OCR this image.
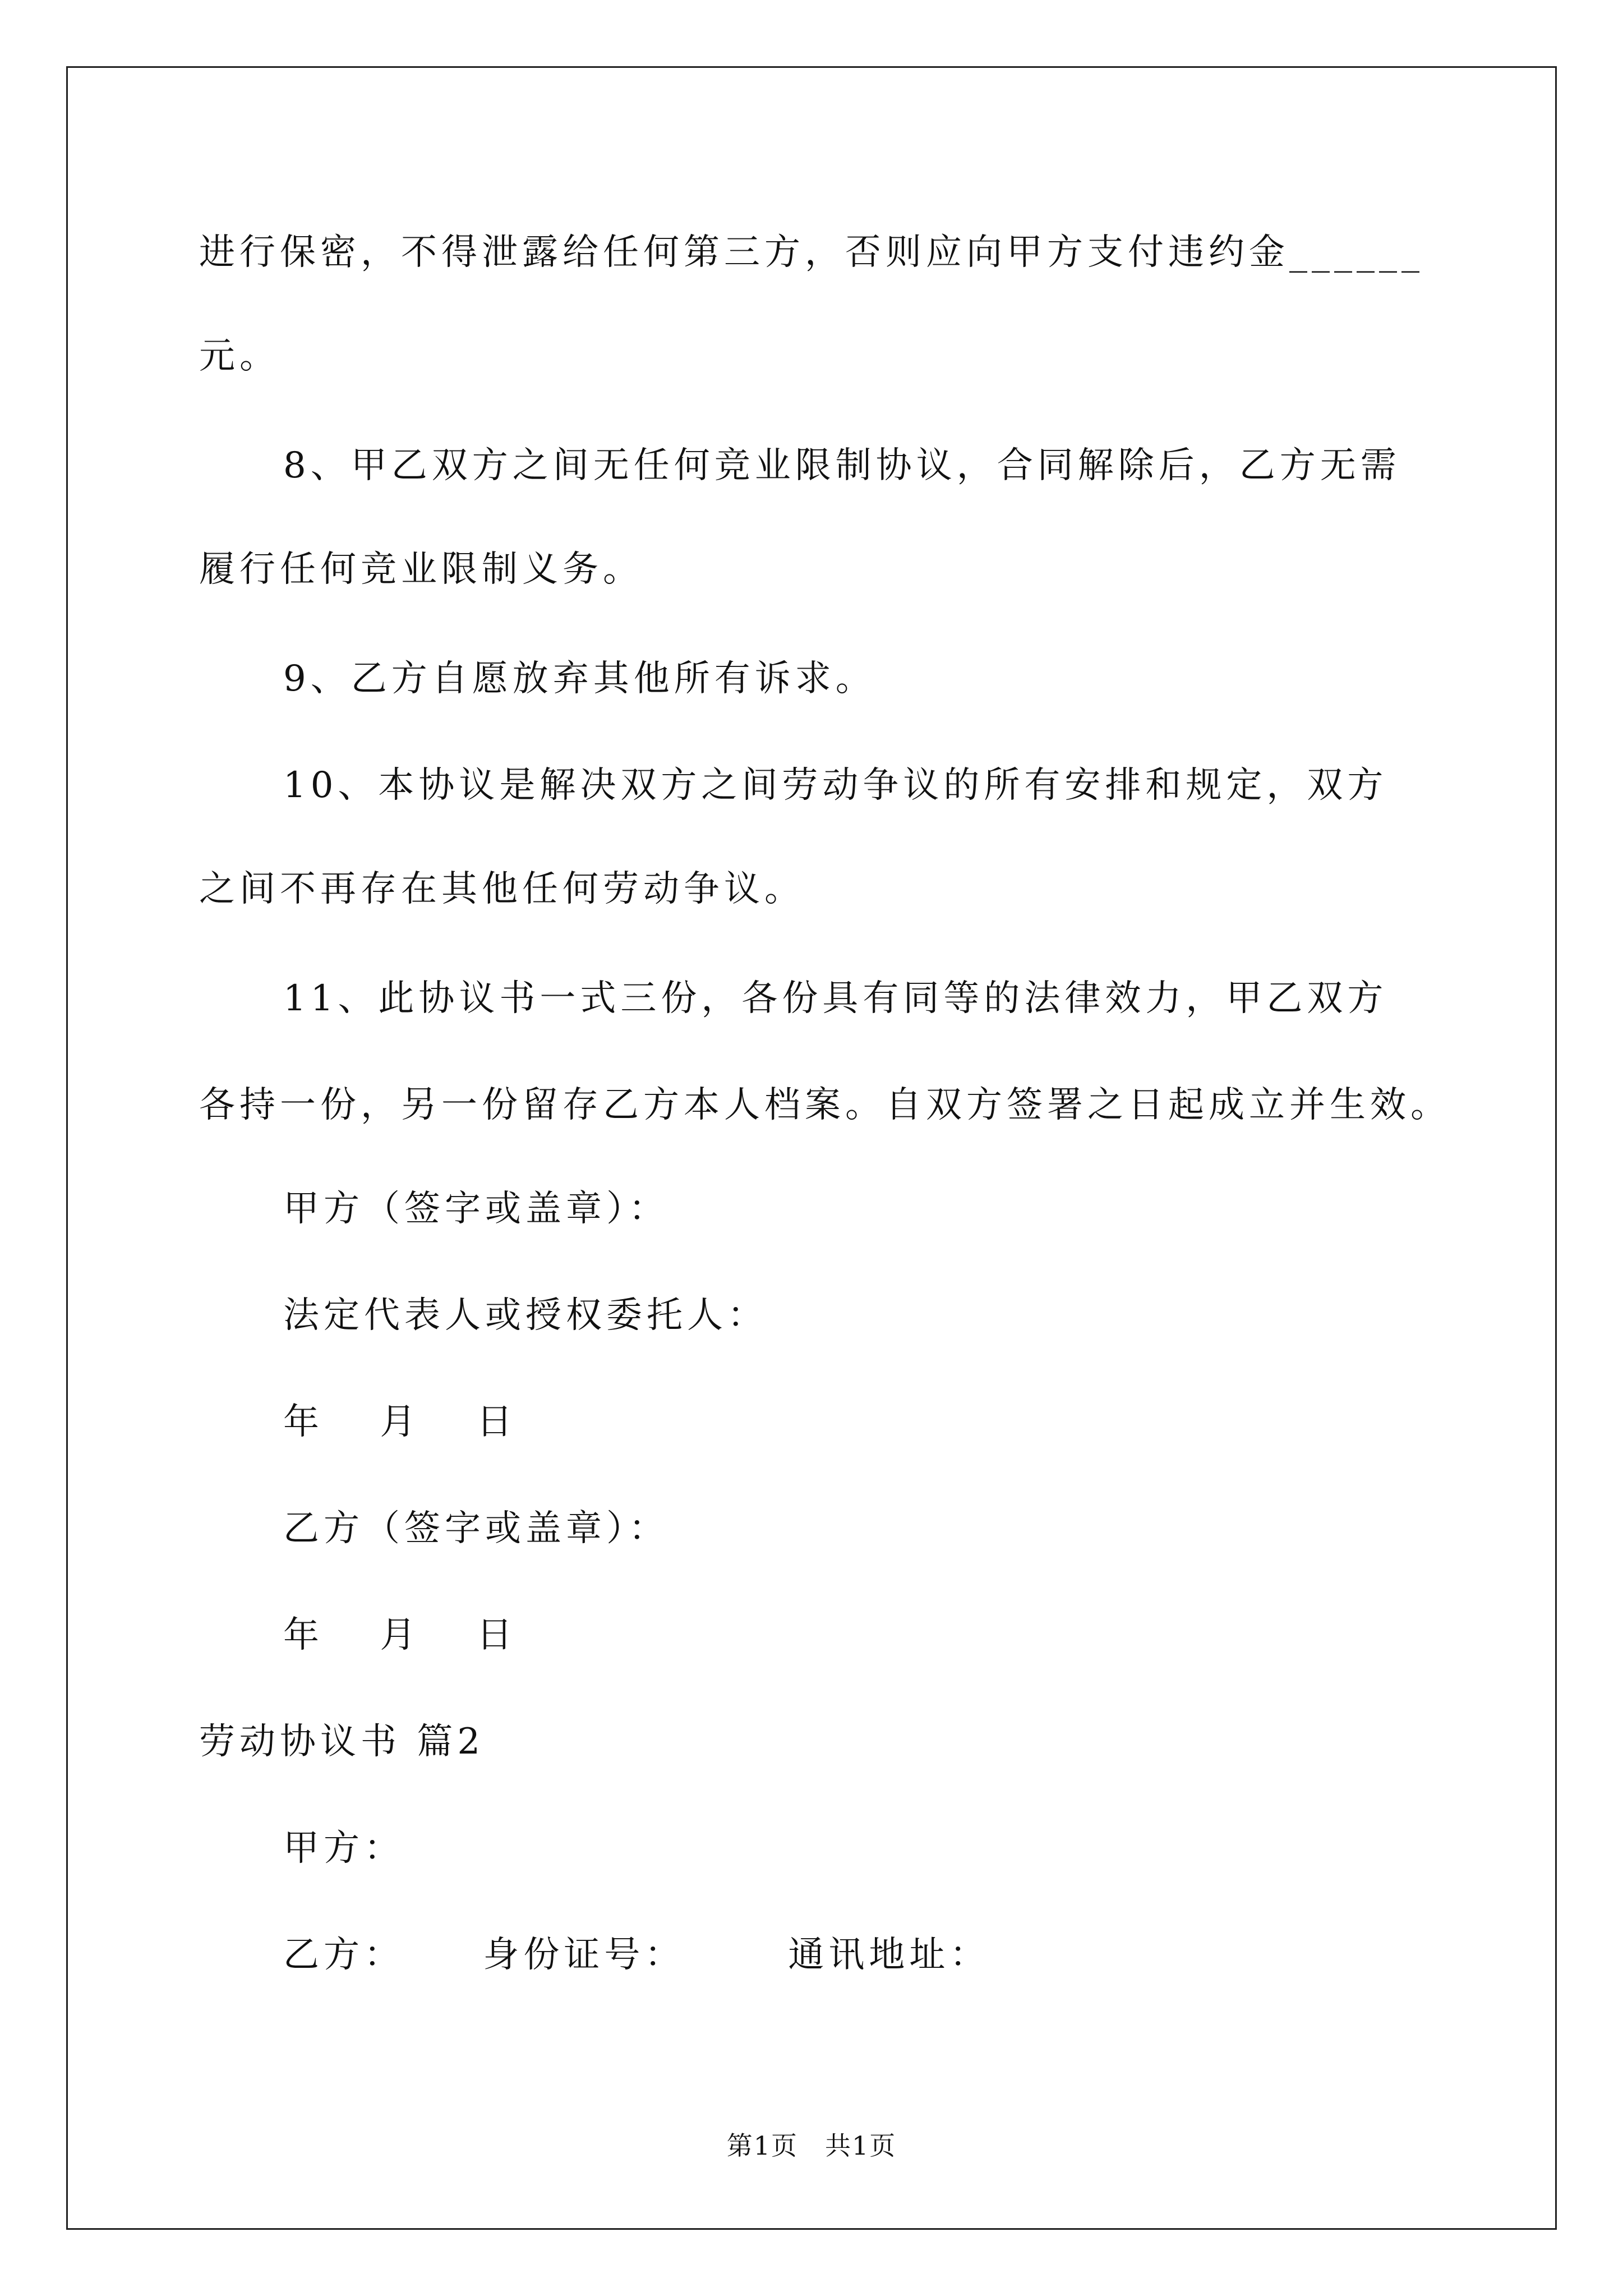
进行保密，不得泄露给任何第三方，否则应向甲方支付违约金______
元。
8、甲乙双方之间无任何竞业限制协议，合同解除后，乙方无需
履行任何竞业限制义务。
9、乙方自愿放弃其他所有诉求。
10、本协议是解决双方之间劳动争议的所有安排和规定，双方
之间不再存在其他任何劳动争议。
11、此协议书一式三份，各份具有同等的法律效力，甲乙双方
各持一份，另一份留存乙方本人档案。自双方签署之日起成立并生效。
甲方（签字或盖章）：
法定代表人或授权委托人：
年　 月　 日
乙方（签字或盖章）：
年　 月　 日
劳动协议书 篇2
甲方：
乙方：　　 身份证号：　　　通讯地址：
第1页　共1页
